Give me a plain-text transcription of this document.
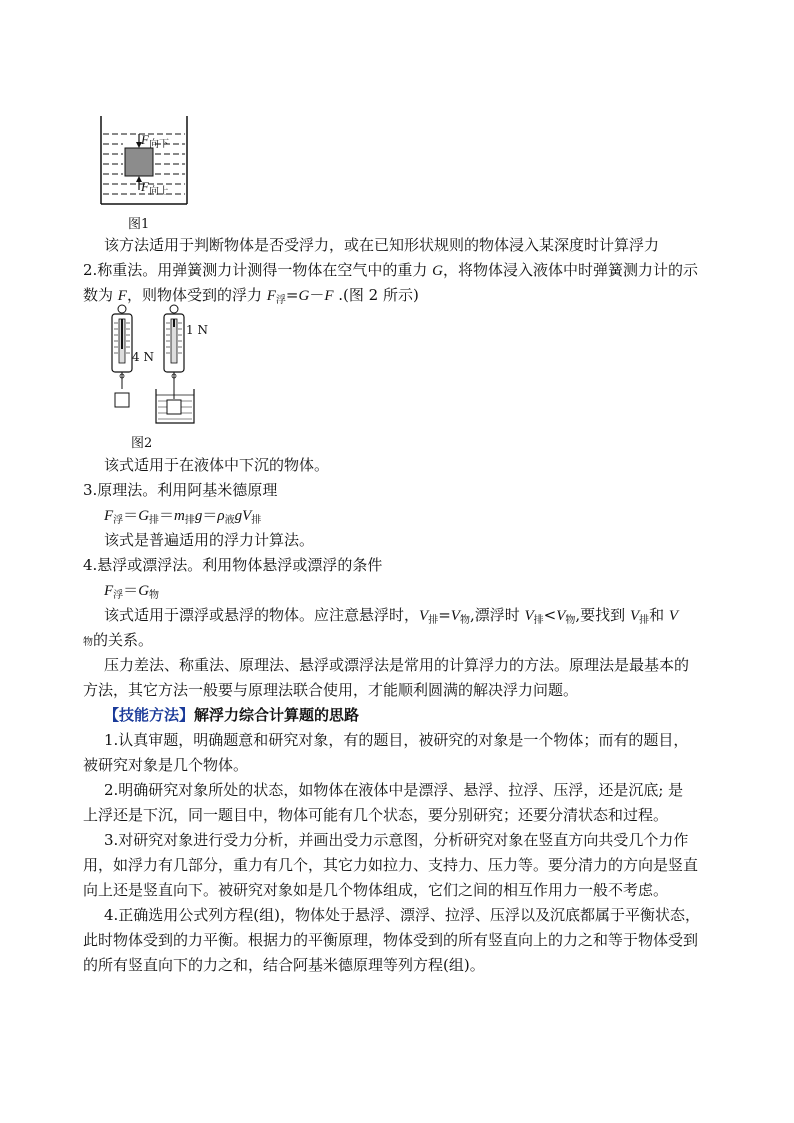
$F_{向下}$
$F_{向上}$
图1
该方法适用于判断物体是否受浮力，或在已知形状规则的物体浸入某深度时计算浮力
2.称重法。用弹簧测力计测得一物体在空气中的重力 G，将物体浸入液体中时弹簧测力计的示
数为 F，则物体受到的浮力 $F_浮=G-F$ .(图 2 所示)
4 N
1 N
图2
该式适用于在液体中下沉的物体。
3.原理法。利用阿基米德原理
$F_浮=G_排=m_排g=\rho_液gV_排$
该式是普遍适用的浮力计算法。
4.悬浮或漂浮法。利用物体悬浮或漂浮的条件
$F_浮=G_物$
该式适用于漂浮或悬浮的物体。应注意悬浮时，$V_排=V_物$,漂浮时 $V_排<V_物$,要找到 $V_排$和 V
物的关系。
压力差法、称重法、原理法、悬浮或漂浮法是常用的计算浮力的方法。原理法是最基本的
方法，其它方法一般要与原理法联合使用，才能顺利圆满的解决浮力问题。
【技能方法】解浮力综合计算题的思路
1.认真审题，明确题意和研究对象，有的题目，被研究的对象是一个物体；而有的题目，
被研究对象是几个物体。
2.明确研究对象所处的状态，如物体在液体中是漂浮、悬浮、拉浮、压浮，还是沉底; 是
上浮还是下沉，同一题目中，物体可能有几个状态，要分别研究；还要分清状态和过程。
3.对研究对象进行受力分析，并画出受力示意图，分析研究对象在竖直方向共受几个力作
用，如浮力有几部分，重力有几个，其它力如拉力、支持力、压力等。要分清力的方向是竖直
向上还是竖直向下。被研究对象如是几个物体组成，它们之间的相互作用力一般不考虑。
4.正确选用公式列方程(组)，物体处于悬浮、漂浮、拉浮、压浮以及沉底都属于平衡状态，
此时物体受到的力平衡。根据力的平衡原理，物体受到的所有竖直向上的力之和等于物体受到
的所有竖直向下的力之和，结合阿基米德原理等列方程(组)。
